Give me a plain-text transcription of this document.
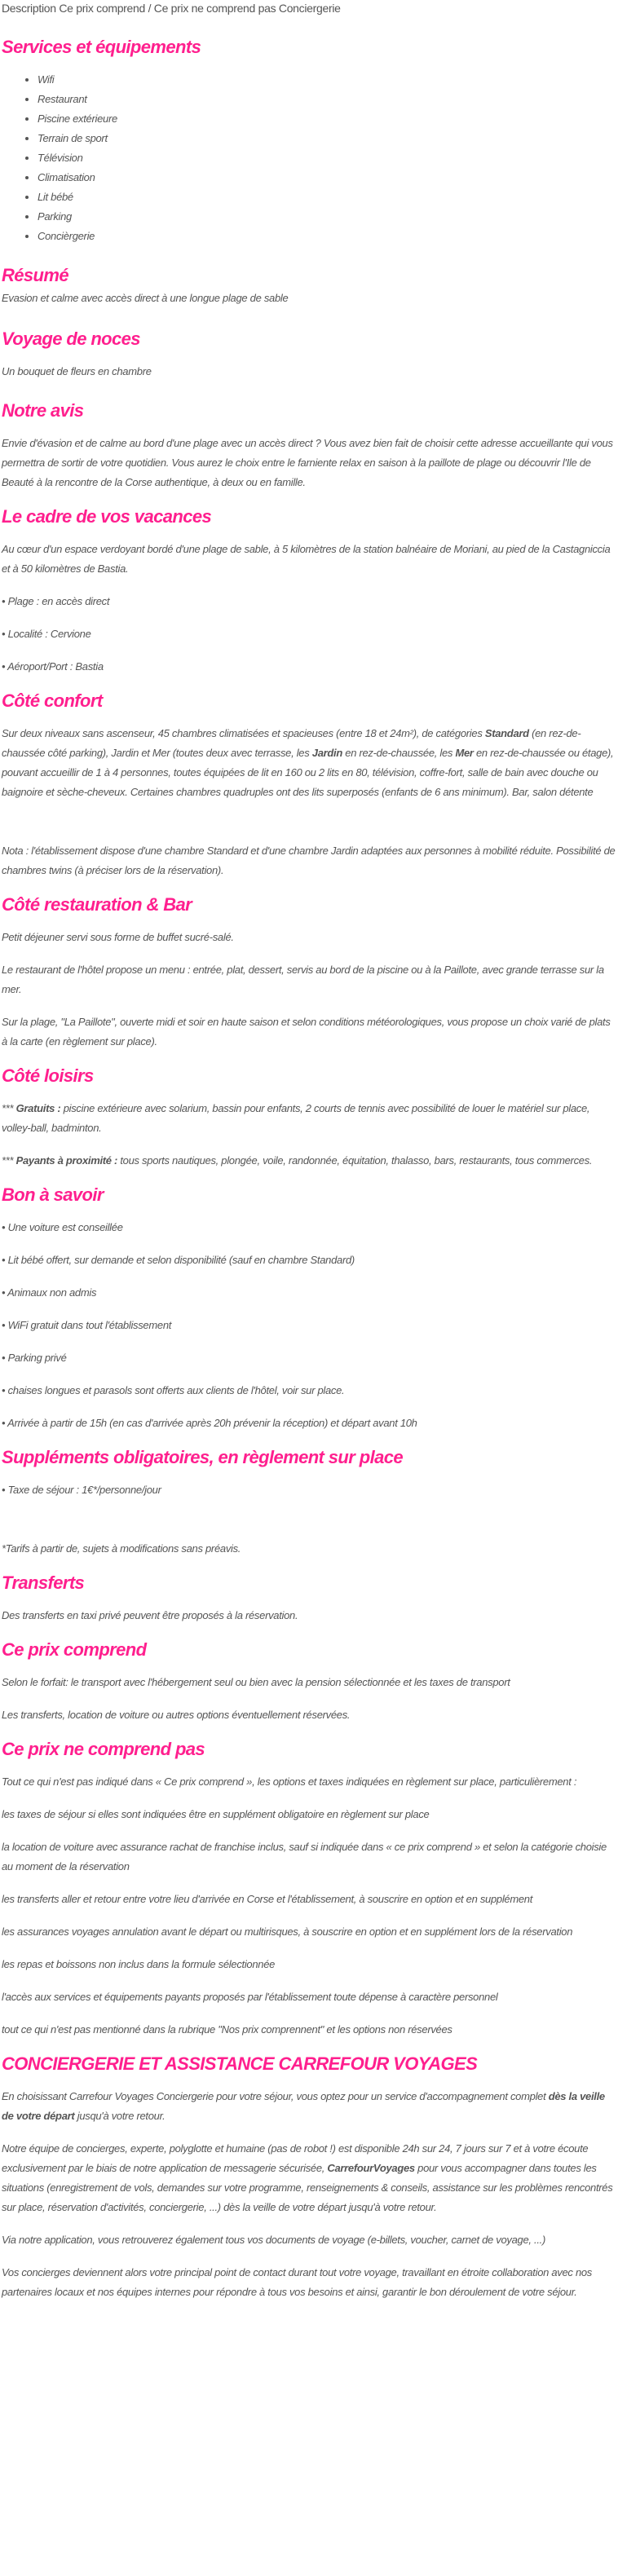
Description Ce prix comprend / Ce prix ne comprend pas Conciergerie
Services et équipements
• Wifi
• Restaurant
• Piscine extérieure
• Terrain de sport
• Télévision
• Climatisation
• Lit bébé
• Parking
• Concièrgerie
Résumé

Evasion et calme avec accès direct à une longue plage de sable

Voyage de noces

Un bouquet de fleurs en chambre

Notre avis

Envie d'évasion et de calme au bord d'une plage avec un accès direct ? Vous avez bien fait de choisir cette adresse accueillante qui vous permettra de sortir de votre quotidien. Vous aurez le choix entre le farniente relax en saison à la paillote de plage ou découvrir l'Ile de Beauté à la rencontre de la Corse authentique, à deux ou en famille.

Le cadre de vos vacances

Au cœur d'un espace verdoyant bordé d'une plage de sable, à 5 kilomètres de la station balnéaire de Moriani, au pied de la Castagniccia et à 50 kilomètres de Bastia.

• Plage : en accès direct

• Localité : Cervione

• Aéroport/Port : Bastia

Côté confort

Sur deux niveaux sans ascenseur, 45 chambres climatisées et spacieuses (entre 18 et 24m²), de catégories Standard (en rez-de-chaussée côté parking), Jardin et Mer (toutes deux avec terrasse, les Jardin en rez-de-chaussée, les Mer en rez-de-chaussée ou étage), pouvant accueillir de 1 à 4 personnes, toutes équipées de lit en 160 ou 2 lits en 80, télévision, coffre-fort, salle de bain avec douche ou baignoire et sèche-cheveux. Certaines chambres quadruples ont des lits superposés (enfants de 6 ans minimum). Bar, salon détente

Nota : l'établissement dispose d'une chambre Standard et d'une chambre Jardin adaptées aux personnes à mobilité réduite. Possibilité de chambres twins (à préciser lors de la réservation).

Côté restauration & Bar

Petit déjeuner servi sous forme de buffet sucré-salé.

Le restaurant de l'hôtel propose un menu : entrée, plat, dessert, servis au bord de la piscine ou à la Paillote, avec grande terrasse sur la mer.

Sur la plage, "La Paillote", ouverte midi et soir en haute saison et selon conditions météorologiques, vous propose un choix varié de plats à la carte (en règlement sur place).

Côté loisirs

*** Gratuits : piscine extérieure avec solarium, bassin pour enfants, 2 courts de tennis avec possibilité de louer le matériel sur place, volley-ball, badminton.

*** Payants à proximité : tous sports nautiques, plongée, voile, randonnée, équitation, thalasso, bars, restaurants, tous commerces.

Bon à savoir

• Une voiture est conseillée

• Lit bébé offert, sur demande et selon disponibilité (sauf en chambre Standard)

• Animaux non admis

• WiFi gratuit dans tout l'établissement

• Parking privé

• chaises longues et parasols sont offerts aux clients de l'hôtel, voir sur place.

• Arrivée à partir de 15h (en cas d'arrivée après 20h prévenir la réception) et départ avant 10h

Suppléments obligatoires, en règlement sur place

• Taxe de séjour : 1€*/personne/jour

*Tarifs à partir de, sujets à modifications sans préavis.

Transferts

Des transferts en taxi privé peuvent être proposés à la réservation.

Ce prix comprend

Selon le forfait: le transport avec l'hébergement seul ou bien avec la pension sélectionnée et les taxes de transport

Les transferts, location de voiture ou autres options éventuellement réservées.

Ce prix ne comprend pas

Tout ce qui n'est pas indiqué dans « Ce prix comprend », les options et taxes indiquées en règlement sur place, particulièrement :

les taxes de séjour si elles sont indiquées être en supplément obligatoire en règlement sur place

la location de voiture avec assurance rachat de franchise inclus, sauf si indiquée dans « ce prix comprend » et selon la catégorie choisie au moment de la réservation

les transferts aller et retour entre votre lieu d'arrivée en Corse et l'établissement, à souscrire en option et en supplément

les assurances voyages annulation avant le départ ou multirisques, à souscrire en option et en supplément lors de la réservation

les repas et boissons non inclus dans la formule sélectionnée

l'accès aux services et équipements payants proposés par l'établissement toute dépense à caractère personnel

tout ce qui n'est pas mentionné dans la rubrique "Nos prix comprennent" et les options non réservées

CONCIERGERIE ET ASSISTANCE CARREFOUR VOYAGES

En choisissant Carrefour Voyages Conciergerie pour votre séjour, vous optez pour un service d'accompagnement complet dès la veille de votre départ jusqu'à votre retour.

Notre équipe de concierges, experte, polyglotte et humaine (pas de robot !) est disponible 24h sur 24, 7 jours sur 7 et à votre écoute exclusivement par le biais de notre application de messagerie sécurisée, CarrefourVoyages pour vous accompagner dans toutes les situations (enregistrement de vols, demandes sur votre programme, renseignements & conseils, assistance sur les problèmes rencontrés sur place, réservation d'activités, conciergerie, ...) dès la veille de votre départ jusqu'à votre retour.

Via notre application, vous retrouverez également tous vos documents de voyage (e-billets, voucher, carnet de voyage, ...)

Vos concierges deviennent alors votre principal point de contact durant tout votre voyage, travaillant en étroite collaboration avec nos partenaires locaux et nos équipes internes pour répondre à tous vos besoins et ainsi, garantir le bon déroulement de votre séjour.
